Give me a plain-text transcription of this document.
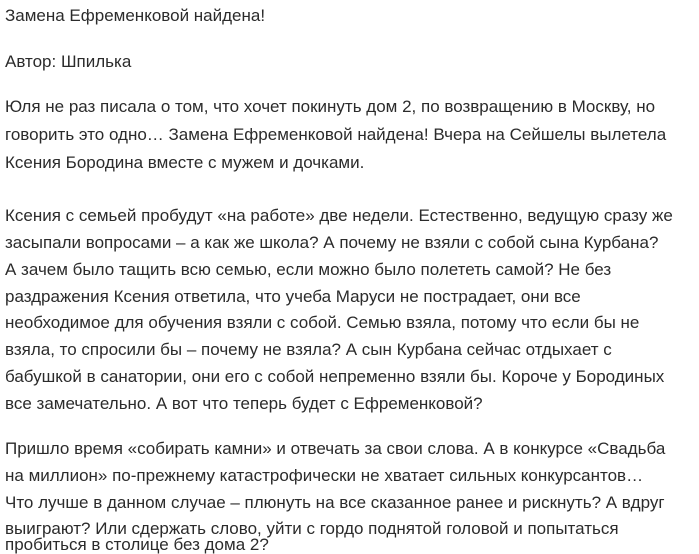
Замена Ефременковой найдена!
Автор: Шпилька
Юля не раз писала о том, что хочет покинуть дом 2, по возвращению в Москву, но
говорить это одно… Замена Ефременковой найдена! Вчера на Сейшелы вылетела
Ксения Бородина вместе с мужем и дочками.
Ксения с семьей пробудут «на работе» две недели. Естественно, ведущую сразу же
засыпали вопросами – а как же школа? А почему не взяли с собой сына Курбана?
А зачем было тащить всю семью, если можно было полететь самой? Не без
раздражения Ксения ответила, что учеба Маруси не пострадает, они все
необходимое для обучения взяли с собой. Семью взяла, потому что если бы не
взяла, то спросили бы – почему не взяла? А сын Курбана сейчас отдыхает с
бабушкой в санатории, они его с собой непременно взяли бы. Короче у Бородиных
все замечательно. А вот что теперь будет с Ефременковой?
Пришло время «собирать камни» и отвечать за свои слова. А в конкурсе «Свадьба
на миллион» по-прежнему катастрофически не хватает сильных конкурсантов…
Что лучше в данном случае – плюнуть на все сказанное ранее и рискнуть? А вдруг
выиграют? Или сдержать слово, уйти с гордо поднятой головой и попытаться
пробиться в столице без дома 2?
